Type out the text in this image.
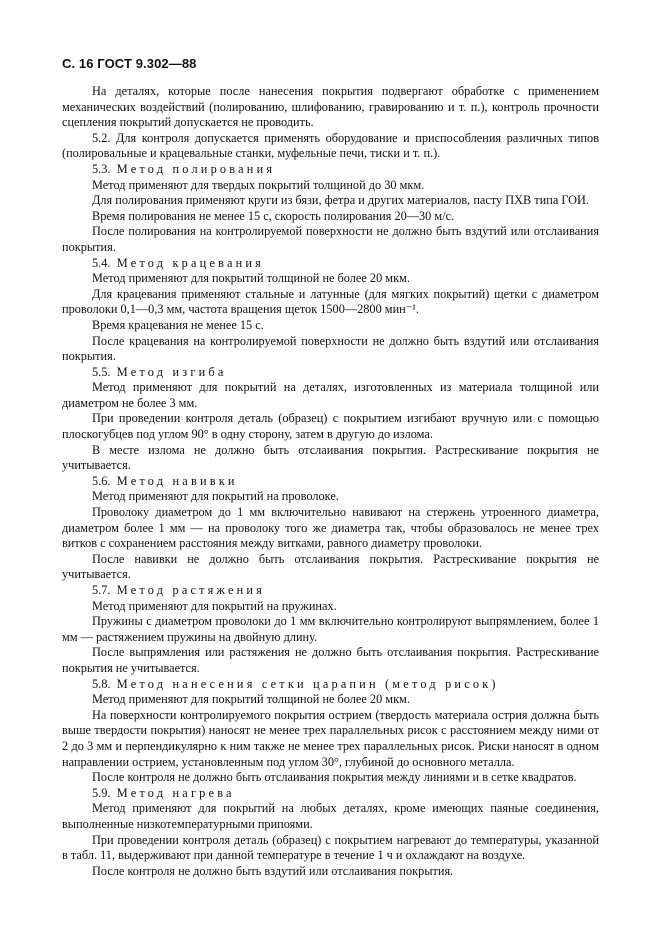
С. 16 ГОСТ 9.302—88

На деталях, которые после нанесения покрытия подвергают обработке с применением механических воздействий (полированию, шлифованию, гравированию и т. п.), контроль прочности сцепления покрытий допускается не проводить.

5.2. Для контроля допускается применять оборудование и приспособления различных типов (полировальные и крацевальные станки, муфельные печи, тиски и т. п.).

5.3. Метод полирования

Метод применяют для твердых покрытий толщиной до 30 мкм.

Для полирования применяют круги из бязи, фетра и других материалов, пасту ПХВ типа ГОИ.

Время полирования не менее 15 с, скорость полирования 20—30 м/с.

После полирования на контролируемой поверхности не должно быть вздутий или отслаивания покрытия.

5.4. Метод крацевания

Метод применяют для покрытий толщиной не более 20 мкм.

Для крацевания применяют стальные и латунные (для мягких покрытий) щетки с диаметром проволоки 0,1—0,3 мм, частота вращения щеток 1500—2800 мин⁻¹.

Время крацевания не менее 15 с.

После крацевания на контролируемой поверхности не должно быть вздутий или отслаивания покрытия.

5.5. Метод изгиба

Метод применяют для покрытий на деталях, изготовленных из материала толщиной или диаметром не более 3 мм.

При проведении контроля деталь (образец) с покрытием изгибают вручную или с помощью плоскогубцев под углом 90° в одну сторону, затем в другую до излома.

В месте излома не должно быть отслаивания покрытия. Растрескивание покрытия не учитывается.

5.6. Метод навивки

Метод применяют для покрытий на проволоке.

Проволоку диаметром до 1 мм включительно навивают на стержень утроенного диаметра, диаметром более 1 мм — на проволоку того же диаметра так, чтобы образовалось не менее трех витков с сохранением расстояния между витками, равного диаметру проволоки.

После навивки не должно быть отслаивания покрытия. Растрескивание покрытия не учитывается.

5.7. Метод растяжения

Метод применяют для покрытий на пружинах.

Пружины с диаметром проволоки до 1 мм включительно контролируют выпрямлением, более 1 мм — растяжением пружины на двойную длину.

После выпрямления или растяжения не должно быть отслаивания покрытия. Растрескивание покрытия не учитывается.

5.8. Метод нанесения сетки царапин (метод рисок)

Метод применяют для покрытий толщиной не более 20 мкм.

На поверхности контролируемого покрытия острием (твердость материала острия должна быть выше твердости покрытия) наносят не менее трех параллельных рисок с расстоянием между ними от 2 до 3 мм и перпендикулярно к ним также не менее трех параллельных рисок. Риски наносят в одном направлении острием, установленным под углом 30°, глубиной до основного металла.

После контроля не должно быть отслаивания покрытия между линиями и в сетке квадратов.

5.9. Метод нагрева

Метод применяют для покрытий на любых деталях, кроме имеющих паяные соединения, выполненные низкотемпературными припоями.

При проведении контроля деталь (образец) с покрытием нагревают до температуры, указанной в табл. 11, выдерживают при данной температуре в течение 1 ч и охлаждают на воздухе.

После контроля не должно быть вздутий или отслаивания покрытия.
